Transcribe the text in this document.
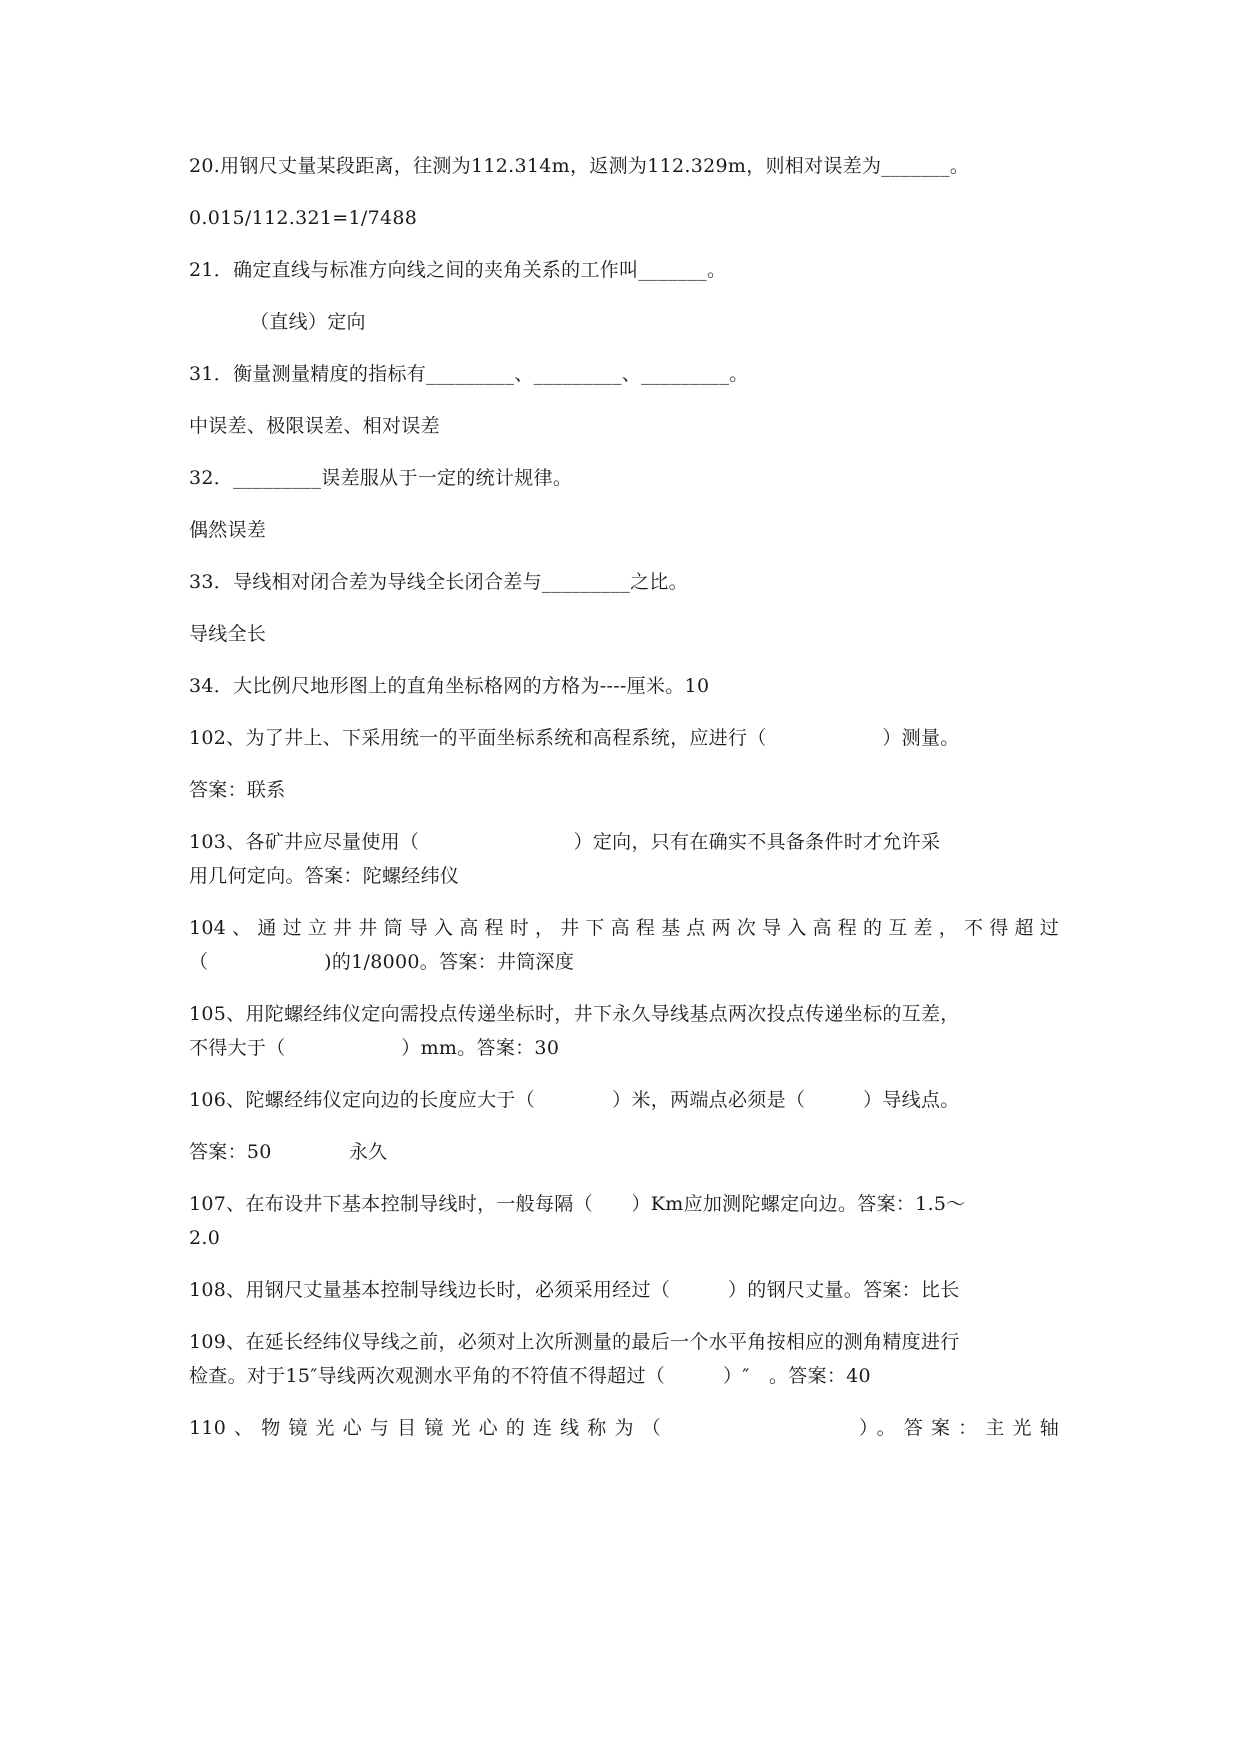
20.用钢尺丈量某段距离，往测为112.314m，返测为112.329m，则相对误差为_______。
0.015/112.321=1/7488
21．确定直线与标准方向线之间的夹角关系的工作叫_______。
（直线）定向
31．衡量测量精度的指标有_________、_________、_________。
中误差、极限误差、相对误差
32．_________误差服从于一定的统计规律。
偶然误差
33．导线相对闭合差为导线全长闭合差与_________之比。
导线全长
34．大比例尺地形图上的直角坐标格网的方格为----厘米。10
102、为了井上、下采用统一的平面坐标系统和高程系统，应进行（　　　　　　）测量。
答案：联系
103、各矿井应尽量使用（　　　　　　　　）定向，只有在确实不具备条件时才允许采
用几何定向。答案：陀螺经纬仪
104、通过立井井筒导入高程时，井下高程基点两次导入高程的互差，不得超过
（　　　　　　)的1/8000。答案：井筒深度
105、用陀螺经纬仪定向需投点传递坐标时，井下永久导线基点两次投点传递坐标的互差，
不得大于（　　　　　　）mm。答案：30
106、陀螺经纬仪定向边的长度应大于（　　　　）米，两端点必须是（　　　）导线点。
答案：50　　　　永久
107、在布设井下基本控制导线时，一般每隔（　　）Km应加测陀螺定向边。答案：1.5～
2.0
108、用钢尺丈量基本控制导线边长时，必须采用经过（　　　）的钢尺丈量。答案：比长
109、在延长经纬仪导线之前，必须对上次所测量的最后一个水平角按相应的测角精度进行
检查。对于15″导线两次观测水平角的不符值不得超过（　　　）″　。答案：40
110、物镜光心与目镜光心的连线称为（　　　　　　　）。答案：主光轴
